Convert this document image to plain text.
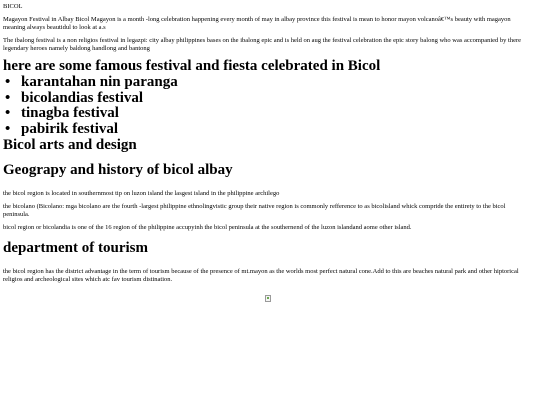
BICOL

Magayon Festival in Albay Bicol Magayon is a month -long celebration happening every month of may in albay province this festival is mean to honor mayon volcanoâ€™s beauty with magayon meaning always beautidul to look at a.s

The ibalong festival is a non religios festival in legazpi: city albay philippines bases on the ibalong epic and is held on aug the festival celebration the epic story balong who was accompanied by there legendary heroes namely baldong handlong and bantong

here are some famous festival and fiesta celebrated in Bicol
• karantahan nin paranga
• bicolandias festival
• tinagba festival
• pabirik festival
Bicol arts and design
Geograpy and history of bicol albay

the bicol region is located in southernmost tip on luzon island the lasgest island in the philippine archilego

the bicolano (Bicolano: mga bicolano are the fourth -largest philippine ethnolingvistic group their native region is commonly refference to as bicolisland whick compride the entirety to the bicol peninsula.

bicol region or bicolandia is one of the 16 region of the philippine accupyinh the bicol peninsula at the southernend of the luzon islandand aome other island.

department of tourism

the bicol region has the district advantage in the term of tourism because of the presence of mt.mayon as the worlds most perfect natural cone.Add to this are beaches natural park and other hiptorical religios and archeological sites which atc fav tourism distination.
